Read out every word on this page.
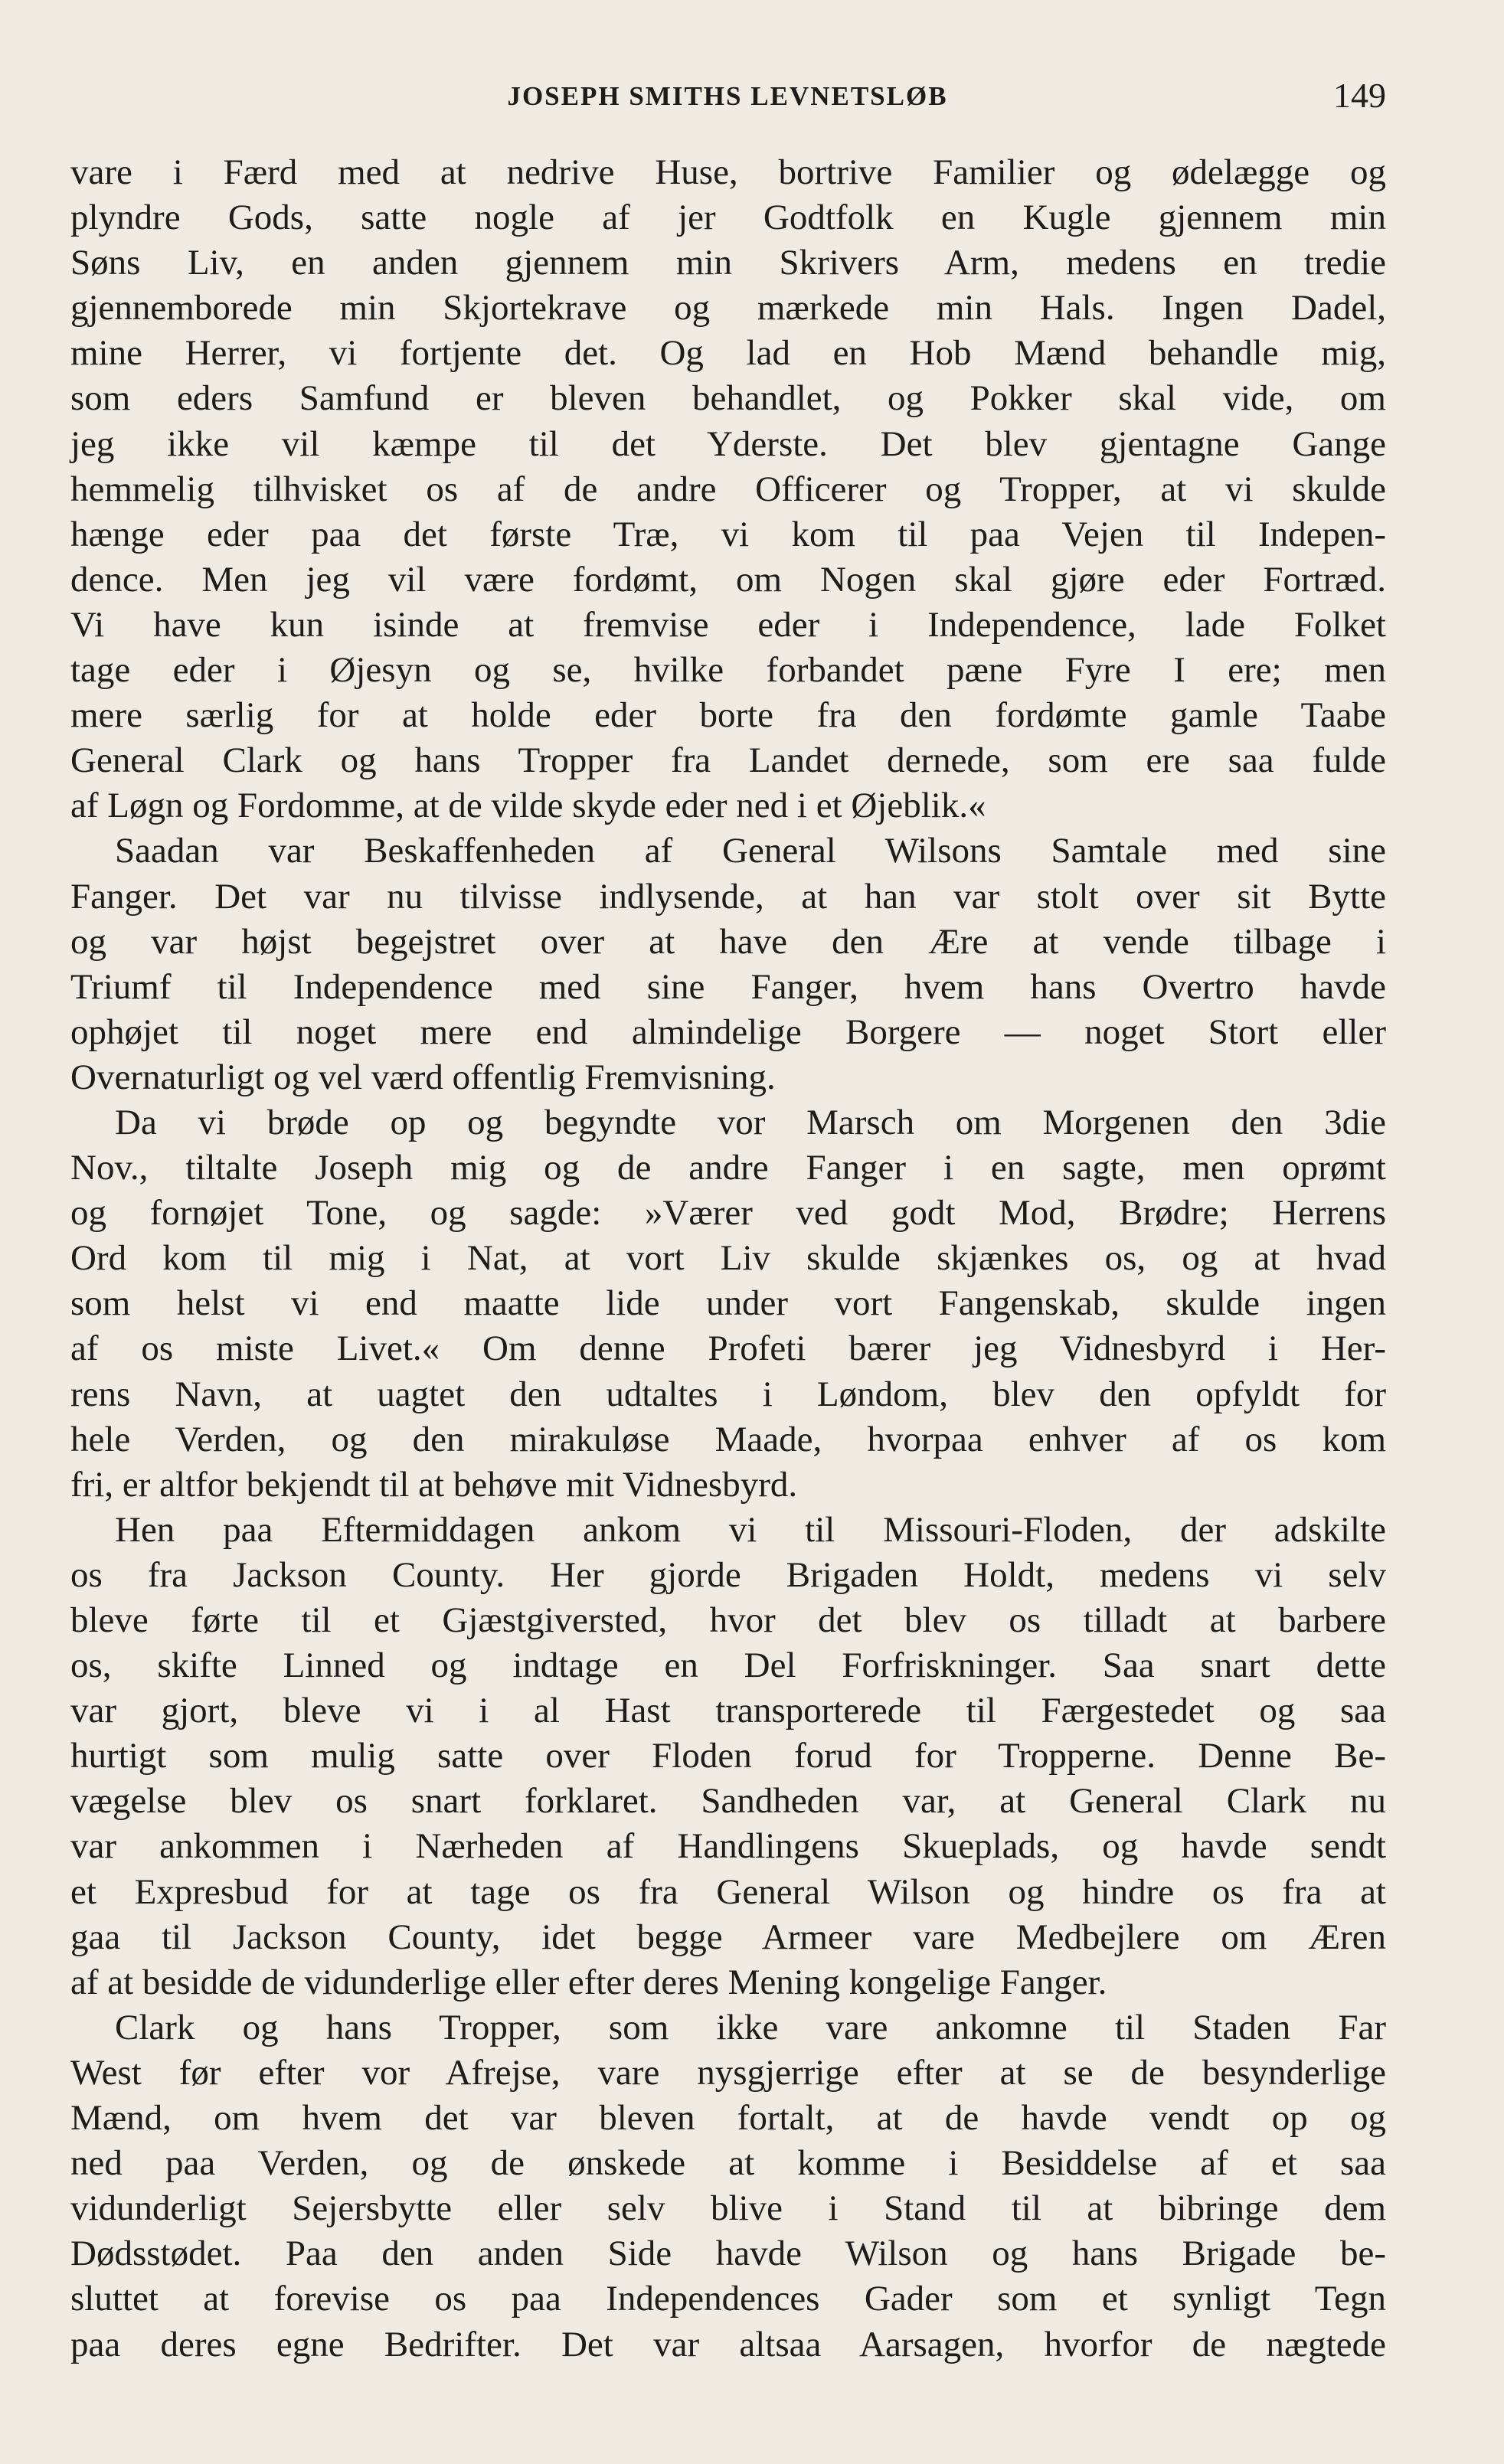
JOSEPH SMITHS LEVNETSLØB	149
vare i Færd med at nedrive Huse, bortrive Familier og ødelægge og
plyndre Gods, satte nogle af jer Godtfolk en Kugle gjennem min
Søns Liv, en anden gjennem min Skrivers Arm, medens en tredie
gjennemborede min Skjortekrave og mærkede min Hals. Ingen Dadel,
mine Herrer, vi fortjente det. Og lad en Hob Mænd behandle mig,
som eders Samfund er bleven behandlet, og Pokker skal vide, om
jeg ikke vil kæmpe til det Yderste. Det blev gjentagne Gange
hemmelig tilhvisket os af de andre Officerer og Tropper, at vi skulde
hænge eder paa det første Træ, vi kom til paa Vejen til Indepen-
dence. Men jeg vil være fordømt, om Nogen skal gjøre eder Fortræd.
Vi have kun isinde at fremvise eder i Independence, lade Folket
tage eder i Øjesyn og se, hvilke forbandet pæne Fyre I ere; men
mere særlig for at holde eder borte fra den fordømte gamle Taabe
General Clark og hans Tropper fra Landet dernede, som ere saa fulde
af Løgn og Fordomme, at de vilde skyde eder ned i et Øjeblik.«
Saadan var Beskaffenheden af General Wilsons Samtale med sine
Fanger. Det var nu tilvisse indlysende, at han var stolt over sit Bytte
og var højst begejstret over at have den Ære at vende tilbage i
Triumf til Independence med sine Fanger, hvem hans Overtro havde
ophøjet til noget mere end almindelige Borgere — noget Stort eller
Overnaturligt og vel værd offentlig Fremvisning.
Da vi brøde op og begyndte vor Marsch om Morgenen den 3die
Nov., tiltalte Joseph mig og de andre Fanger i en sagte, men oprømt
og fornøjet Tone, og sagde: »Værer ved godt Mod, Brødre; Herrens
Ord kom til mig i Nat, at vort Liv skulde skjænkes os, og at hvad
som helst vi end maatte lide under vort Fangenskab, skulde ingen
af os miste Livet.« Om denne Profeti bærer jeg Vidnesbyrd i Her-
rens Navn, at uagtet den udtaltes i Løndom, blev den opfyldt for
hele Verden, og den mirakuløse Maade, hvorpaa enhver af os kom
fri, er altfor bekjendt til at behøve mit Vidnesbyrd.
Hen paa Eftermiddagen ankom vi til Missouri-Floden, der adskilte
os fra Jackson County. Her gjorde Brigaden Holdt, medens vi selv
bleve førte til et Gjæstgiversted, hvor det blev os tilladt at barbere
os, skifte Linned og indtage en Del Forfriskninger. Saa snart dette
var gjort, bleve vi i al Hast transporterede til Færgestedet og saa
hurtigt som mulig satte over Floden forud for Tropperne. Denne Be-
vægelse blev os snart forklaret. Sandheden var, at General Clark nu
var ankommen i Nærheden af Handlingens Skueplads, og havde sendt
et Expresbud for at tage os fra General Wilson og hindre os fra at
gaa til Jackson County, idet begge Armeer vare Medbejlere om Æren
af at besidde de vidunderlige eller efter deres Mening kongelige Fanger.
Clark og hans Tropper, som ikke vare ankomne til Staden Far
West før efter vor Afrejse, vare nysgjerrige efter at se de besynderlige
Mænd, om hvem det var bleven fortalt, at de havde vendt op og
ned paa Verden, og de ønskede at komme i Besiddelse af et saa
vidunderligt Sejersbytte eller selv blive i Stand til at bibringe dem
Dødsstødet. Paa den anden Side havde Wilson og hans Brigade be-
sluttet at forevise os paa Independences Gader som et synligt Tegn
paa deres egne Bedrifter. Det var altsaa Aarsagen, hvorfor de nægtede
